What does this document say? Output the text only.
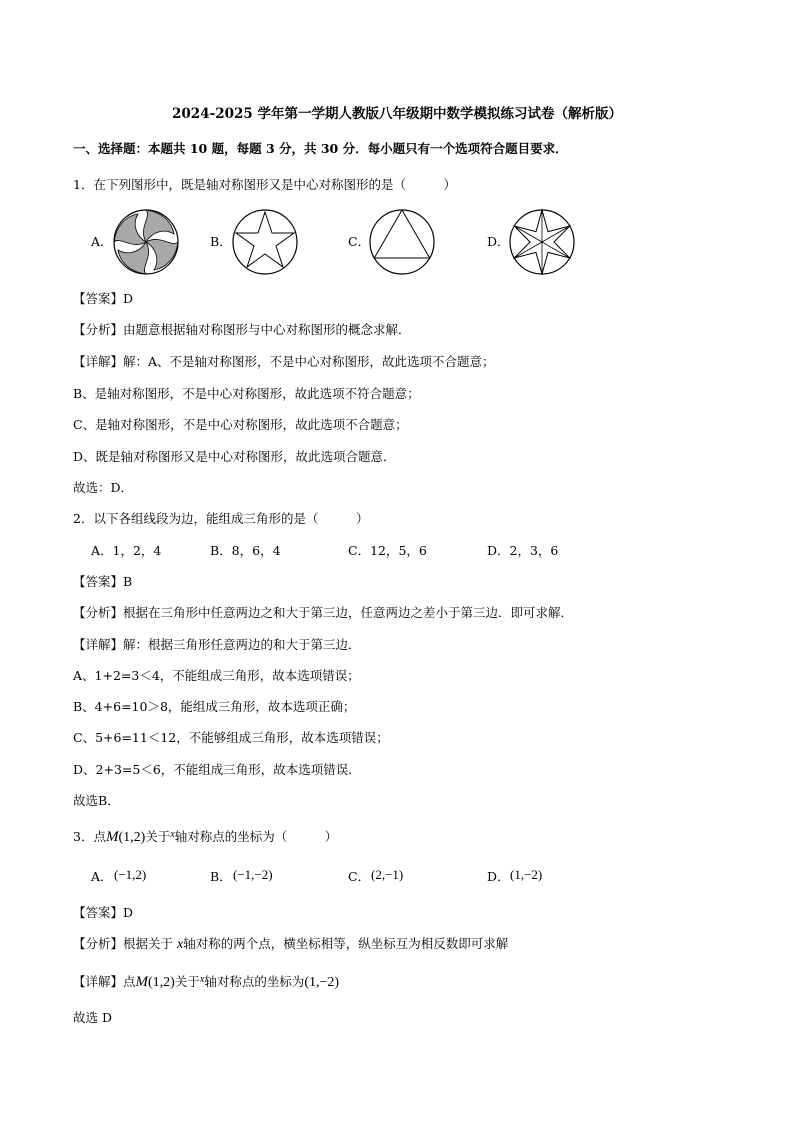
2024-2025 学年第一学期人教版八年级期中数学模拟练习试卷（解析版）
一、选择题：本题共 10 题，每题 3 分，共 30 分．每小题只有一个选项符合题目要求．
1．在下列图形中，既是轴对称图形又是中心对称图形的是（　　　）
A．	B．	C．	D．
【答案】D
【分析】由题意根据轴对称图形与中心对称图形的概念求解．
【详解】解：A、不是轴对称图形，不是中心对称图形，故此选项不合题意；
B、是轴对称图形，不是中心对称图形，故此选项不符合题意；
C、是轴对称图形，不是中心对称图形，故此选项不合题意；
D、既是轴对称图形又是中心对称图形，故此选项合题意．
故选：D．
2．以下各组线段为边，能组成三角形的是（　　　）
A．1，2，4	B．8，6，4	C．12，5，6	D．2，3，6
【答案】B
【分析】根据在三角形中任意两边之和大于第三边，任意两边之差小于第三边．即可求解．
【详解】解：根据三角形任意两边的和大于第三边．
A、1+2=3＜4，不能组成三角形，故本选项错误；
B、4+6=10＞8，能组成三角形，故本选项正确；
C、5+6=11＜12，不能够组成三角形，故本选项错误；
D、2+3=5＜6，不能组成三角形，故本选项错误．
故选B．
3．点M(1,2)关于$^x$轴对称点的坐标为（　　　）
A． (−1,2)	B． (−1,−2)	C． (2,−1)	D． (1,−2)
【答案】D
【分析】根据关于 x轴对称的两个点，横坐标相等，纵坐标互为相反数即可求解
【详解】点M(1,2)关于$^x$轴对称点的坐标为(1,−2)
故选 D
